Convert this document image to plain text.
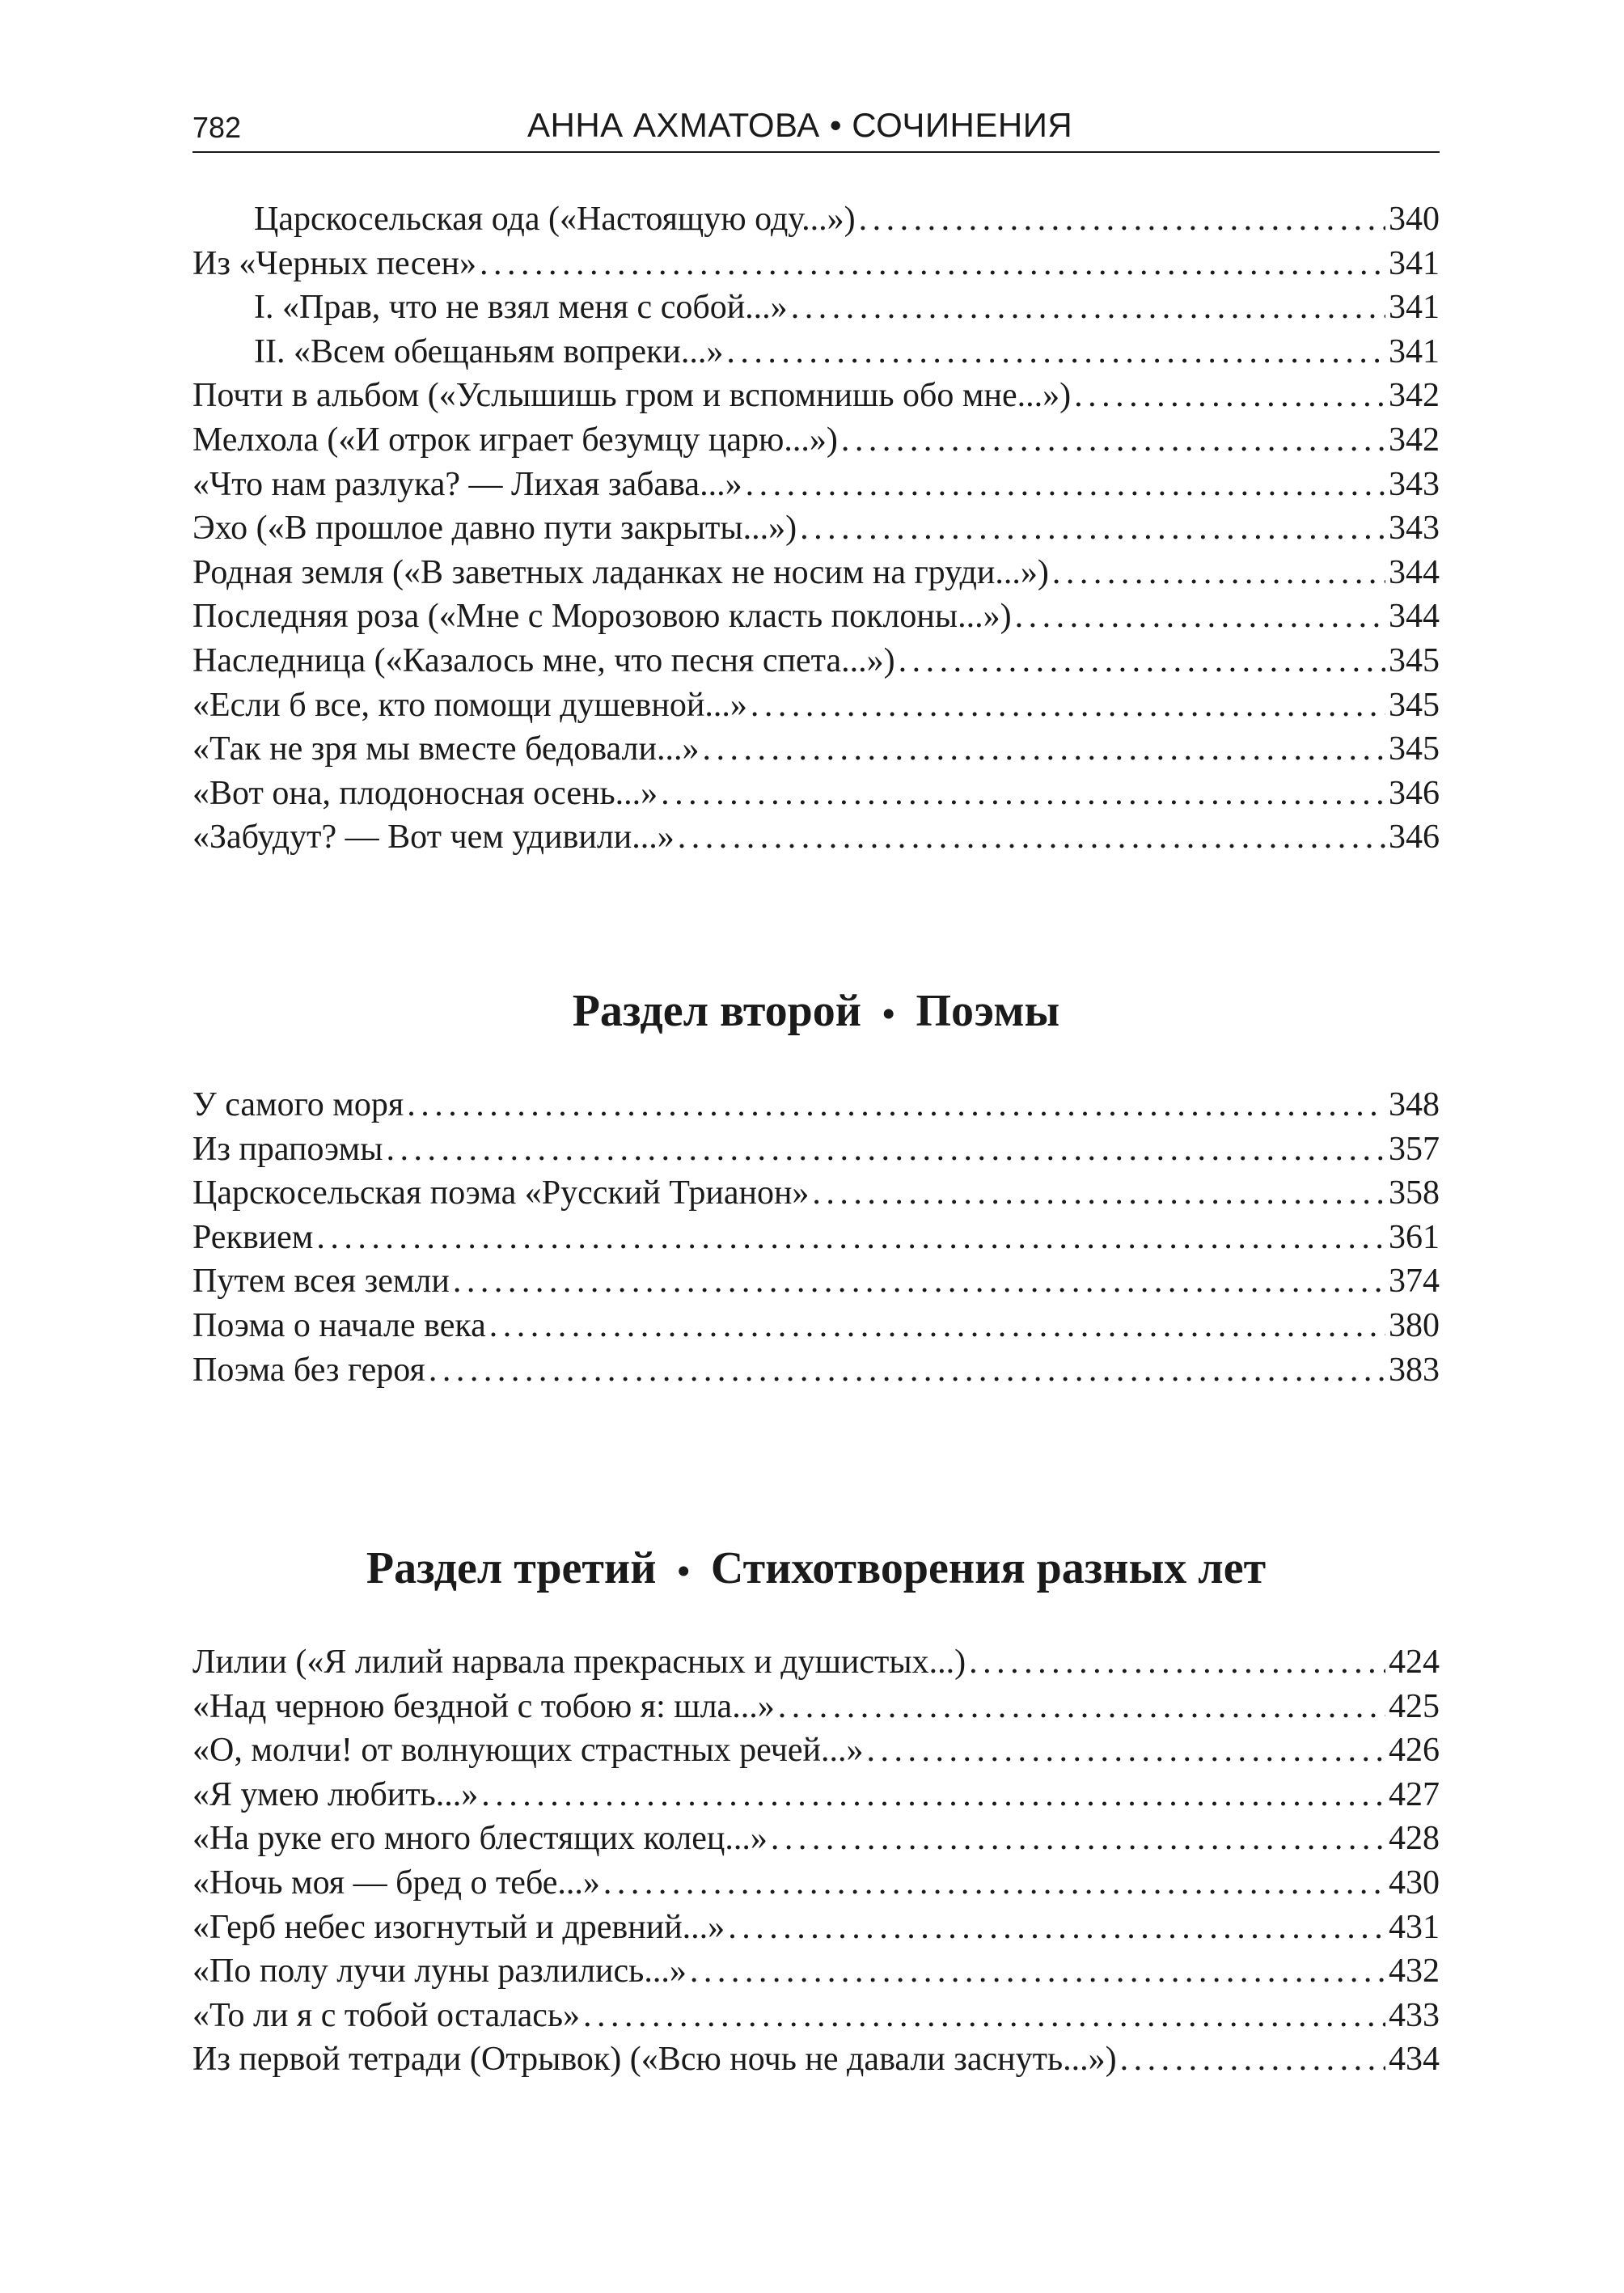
782	АННА АХМАТОВА • СОЧИНЕНИЯ
Царскосельская ода («Настоящую оду...») . . .	340
Из «Черных песен» . . .	341
I. «Прав, что не взял меня с собой...» . . .	341
II. «Всем обещаньям вопреки...» . . .	341
Почти в альбом («Услышишь гром и вспомнишь обо мне...») . . .	342
Мелхола («И отрок играет безумцу царю...») . . .	342
«Что нам разлука? — Лихая забава...» . . .	343
Эхо («В прошлое давно пути закрыты...») . . .	343
Родная земля («В заветных ладанках не носим на груди...») . . .	344
Последняя роза («Мне с Морозовою класть поклоны...») . . .	344
Наследница («Казалось мне, что песня спета...») . . .	345
«Если б все, кто помощи душевной...» . . .	345
«Так не зря мы вместе бедовали...» . . .	345
«Вот она, плодоносная осень...» . . .	346
«Забудут? — Вот чем удивили...» . . .	346
Раздел второй • Поэмы
У самого моря . . .	348
Из прапоэмы . . .	357
Царскосельская поэма «Русский Трианон» . . .	358
Реквием . . .	361
Путем всея земли . . .	374
Поэма о начале века . . .	380
Поэма без героя . . .	383
Раздел третий • Стихотворения разных лет
Лилии («Я лилий нарвала прекрасных и душистых...) . . .	424
«Над черною бездной с тобою я: шла...» . . .	425
«О, молчи! от волнующих страстных речей...» . . .	426
«Я умею любить...» . . .	427
«На руке его много блестящих колец...» . . .	428
«Ночь моя — бред о тебе...» . . .	430
«Герб небес изогнутый и древний...» . . .	431
«По полу лучи луны разлились...» . . .	432
«То ли я с тобой осталась» . . .	433
Из первой тетради (Отрывок) («Всю ночь не давали заснуть...») . . .	434
